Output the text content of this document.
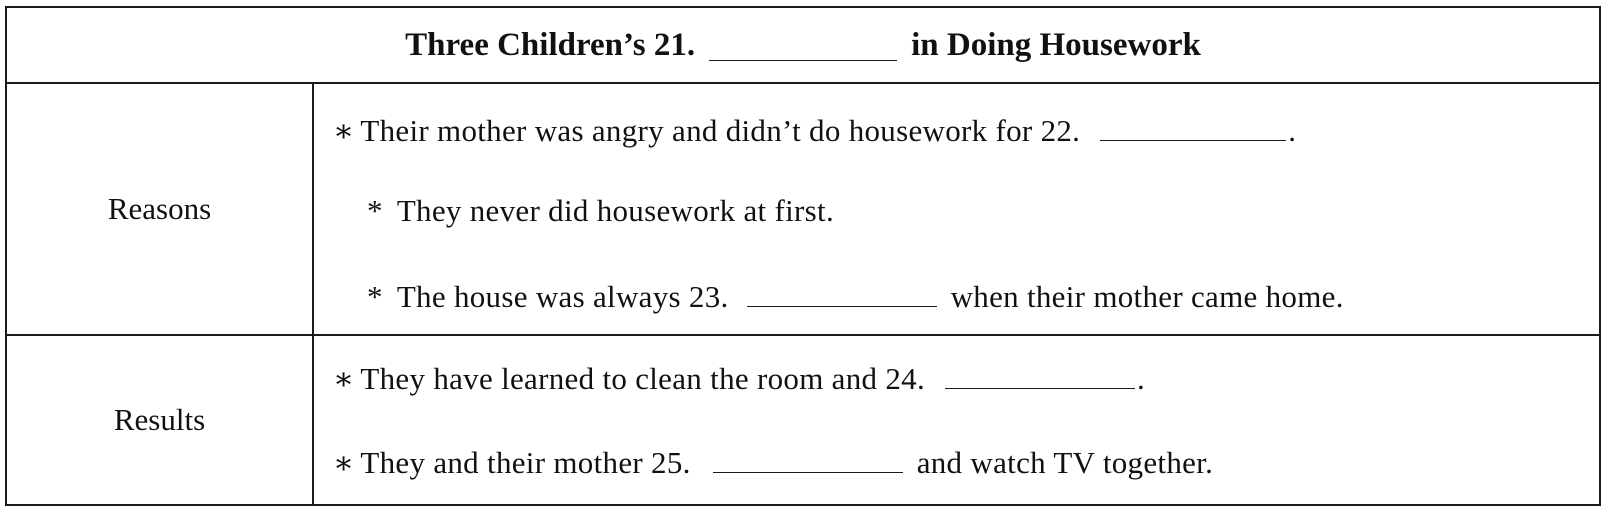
Three Children’s 21.	in Doing Housework
Reasons
∗ Their mother was angry and didn’t do housework for 22.	.
* They never did housework at first.
* The house was always 23.	when their mother came home.
Results
∗ They have learned to clean the room and 24.	.
∗ They and their mother 25.	and watch TV together.
